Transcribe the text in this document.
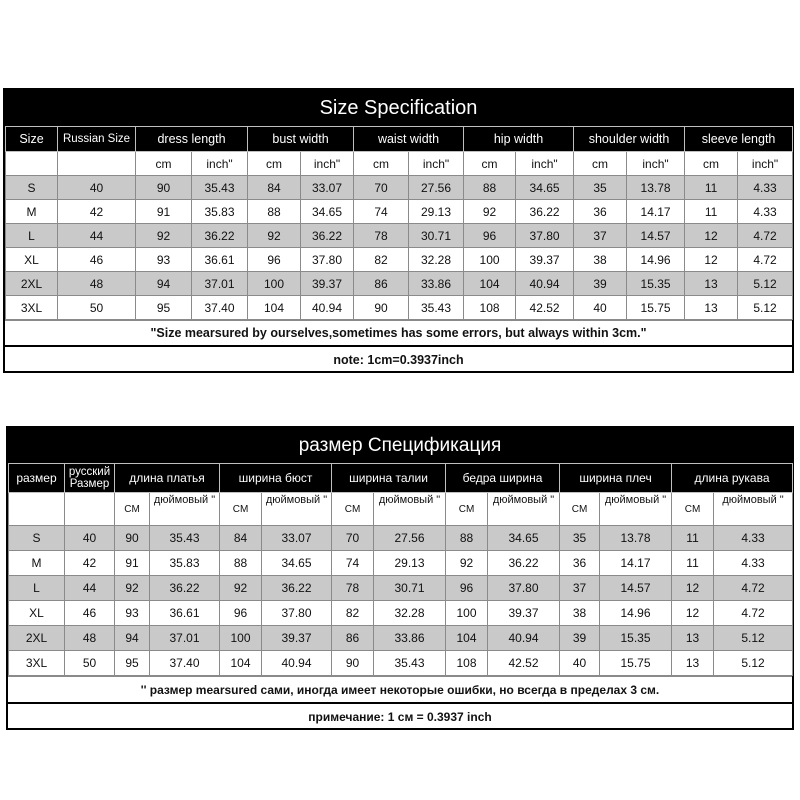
Size Specification
Size	Russian Size	dress length		bust width		waist width		hip width		shoulder width		sleeve length	
		cm	inch"	cm	inch"	cm	inch"	cm	inch"	cm	inch"	cm	inch"
S	40	90	35.43	84	33.07	70	27.56	88	34.65	35	13.78	11	4.33
M	42	91	35.83	88	34.65	74	29.13	92	36.22	36	14.17	11	4.33
L	44	92	36.22	92	36.22	78	30.71	96	37.80	37	14.57	12	4.72
XL	46	93	36.61	96	37.80	82	32.28	100	39.37	38	14.96	12	4.72
2XL	48	94	37.01	100	39.37	86	33.86	104	40.94	39	15.35	13	5.12
3XL	50	95	37.40	104	40.94	90	35.43	108	42.52	40	15.75	13	5.12
"Size mearsured by ourselves,sometimes has some errors, but always within 3cm."
note: 1cm=0.3937inch
размер Спецификация
размер	русский Размер	длина платья		ширина бюст		ширина талии		бедра ширина		ширина плеч		длина рукава	
		CM	дюймовый "	CM	дюймовый "	CM	дюймовый "	CM	дюймовый "	CM	дюймовый "	CM	дюймовый "
S	40	90	35.43	84	33.07	70	27.56	88	34.65	35	13.78	11	4.33
M	42	91	35.83	88	34.65	74	29.13	92	36.22	36	14.17	11	4.33
L	44	92	36.22	92	36.22	78	30.71	96	37.80	37	14.57	12	4.72
XL	46	93	36.61	96	37.80	82	32.28	100	39.37	38	14.96	12	4.72
2XL	48	94	37.01	100	39.37	86	33.86	104	40.94	39	15.35	13	5.12
3XL	50	95	37.40	104	40.94	90	35.43	108	42.52	40	15.75	13	5.12
'' размер mearsured сами, иногда имеет некоторые ошибки, но всегда в пределах 3 см.
примечание: 1 см = 0.3937 inch
